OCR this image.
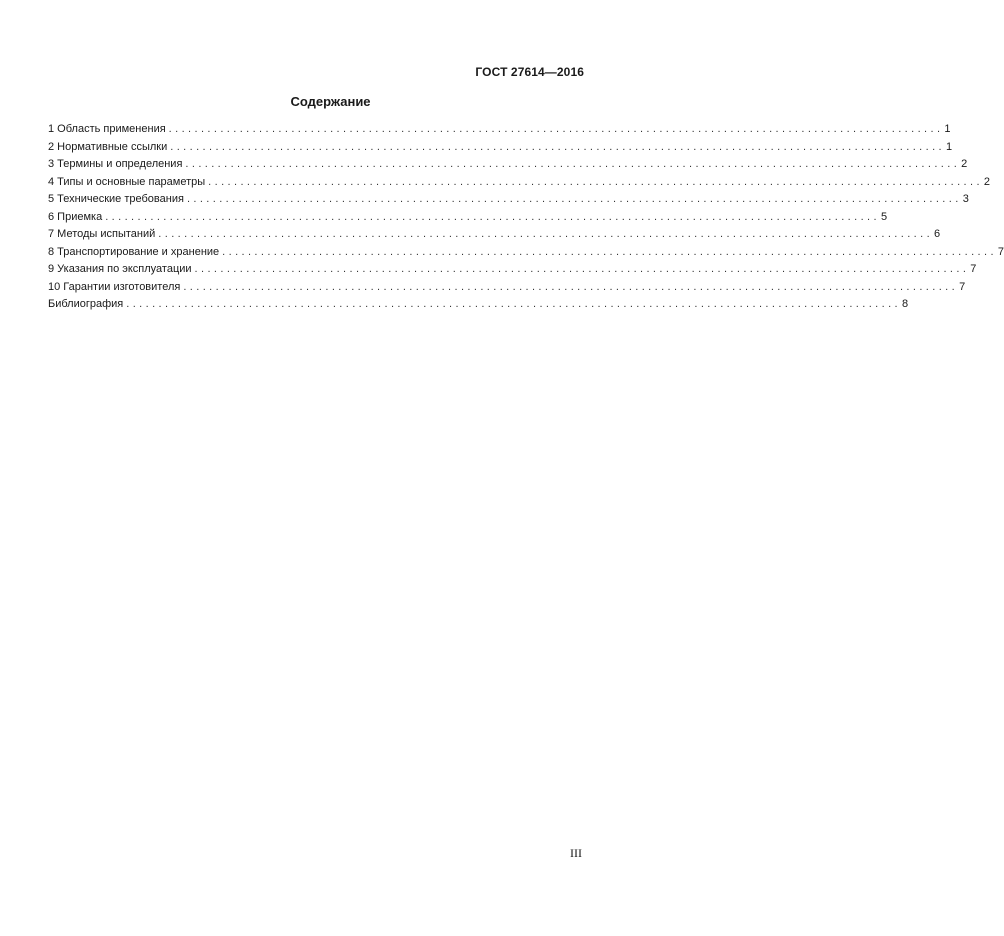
ГОСТ 27614—2016
Содержание
1 Область применения ........................................................................................................................ 1
2 Нормативные ссылки ........................................................................................................................ 1
3 Термины и определения ........................................................................................................................ 2
4 Типы и основные параметры ........................................................................................................................ 2
5 Технические требования ........................................................................................................................ 3
6 Приемка ........................................................................................................................ 5
7 Методы испытаний ........................................................................................................................ 6
8 Транспортирование и хранение ........................................................................................................................ 7
9 Указания по эксплуатации ........................................................................................................................ 7
10 Гарантии изготовителя ........................................................................................................................ 7
Библиография ........................................................................................................................ 8
III
